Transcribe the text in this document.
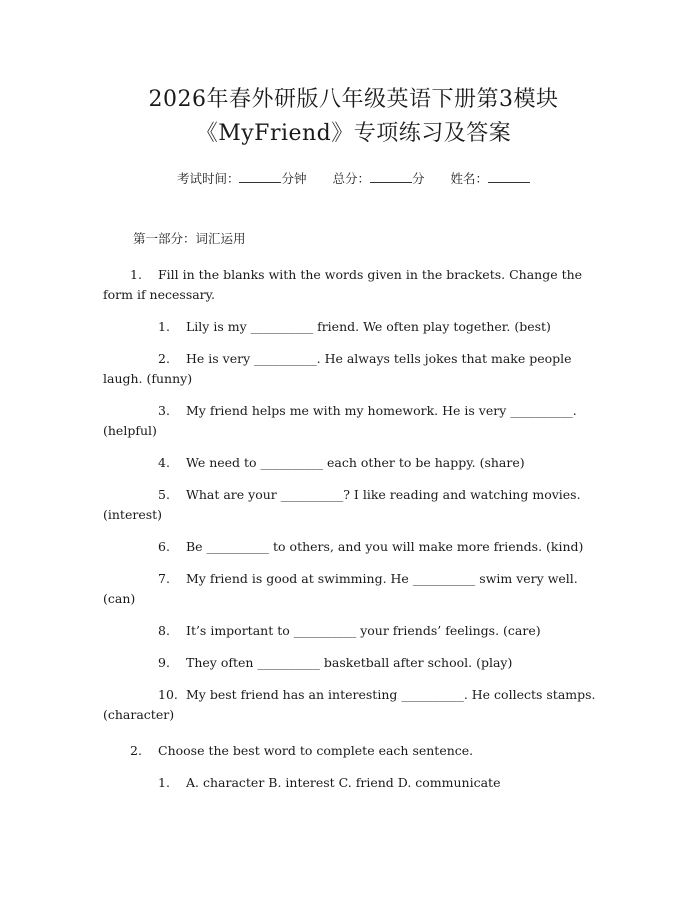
2026年春外研版八年级英语下册第3模块
《MyFriend》专项练习及答案
考试时间：	分钟 总分：	分 姓名：
第一部分：词汇运用

1. Fill in the blanks with the words given in the brackets. Change the form if necessary.

1. Lily is my __________ friend. We often play together. (best)

2. He is very __________. He always tells jokes that make people laugh. (funny)

3. My friend helps me with my homework. He is very __________. (helpful)

4. We need to __________ each other to be happy. (share)

5. What are your __________? I like reading and watching movies. (interest)

6. Be __________ to others, and you will make more friends. (kind)

7. My friend is good at swimming. He __________ swim very well. (can)

8. It’s important to __________ your friends’ feelings. (care)

9. They often __________ basketball after school. (play)

10. My best friend has an interesting __________. He collects stamps. (character)

2. Choose the best word to complete each sentence.

1. A. character B. interest C. friend D. communicate
